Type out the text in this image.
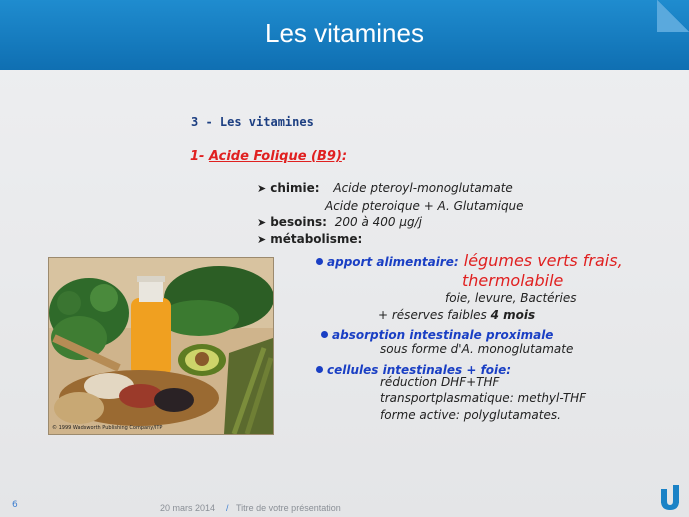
Les vitamines
3 - Les vitamines
1- Acide Folique (B9):
➤ chimie: Acide pteroyl-monoglutamate
Acide pteroique + A. Glutamique
➤ besoins: 200 à 400 µg/j
➤ métabolisme:
apport alimentaire: légumes verts frais,
thermolabile
foie, levure, Bactéries
+ réserves faibles 4 mois
absorption intestinale proximale
sous forme d'A. monoglutamate
cellules intestinales + foie:
réduction DHF+THF
transportplasmatique: methyl-THF
forme active: polyglutamates.
© 1999 Wadsworth Publishing Company/ITP
6	20 mars 2014 / Titre de votre présentation
